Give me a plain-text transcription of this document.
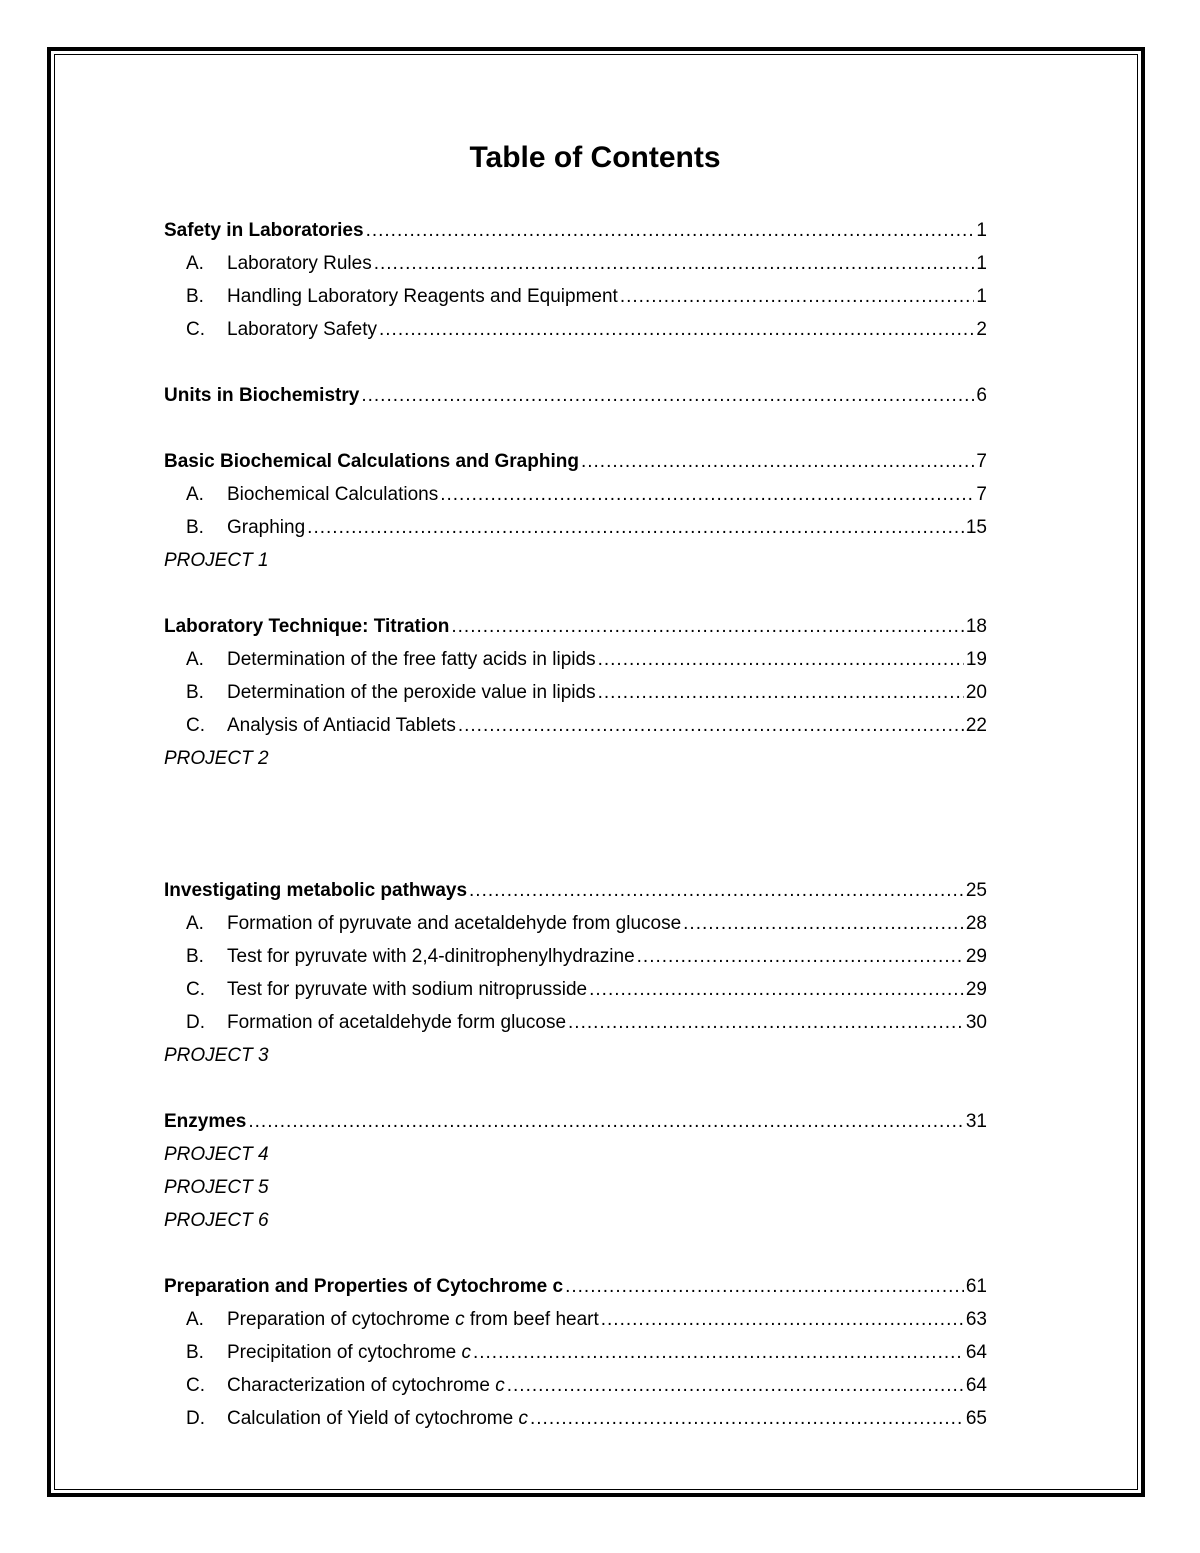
Table of Contents
Safety in Laboratories .....	1
A.	Laboratory Rules .....	1
B.	Handling Laboratory Reagents and Equipment .....	1
C.	Laboratory Safety .....	2
Units in Biochemistry .....	6
Basic Biochemical Calculations and Graphing .....	7
A.	Biochemical Calculations .....	7
B.	Graphing .....	15
PROJECT 1
Laboratory Technique: Titration .....	18
A.	Determination of the free fatty acids in lipids .....	19
B.	Determination of the peroxide value in lipids .....	20
C.	Analysis of Antiacid Tablets .....	22
PROJECT 2
Investigating metabolic pathways .....	25
A.	Formation of pyruvate and acetaldehyde from glucose .....	28
B.	Test for pyruvate with 2,4-dinitrophenylhydrazine .....	29
C.	Test for pyruvate with sodium nitroprusside .....	29
D.	Formation of acetaldehyde form glucose .....	30
PROJECT 3
Enzymes .....	31
PROJECT 4
PROJECT 5
PROJECT 6
Preparation and Properties of Cytochrome c .....	61
A.	Preparation of cytochrome c from beef heart .....	63
B.	Precipitation of cytochrome c .....	64
C.	Characterization of cytochrome c .....	64
D.	Calculation of Yield of cytochrome c .....	65
